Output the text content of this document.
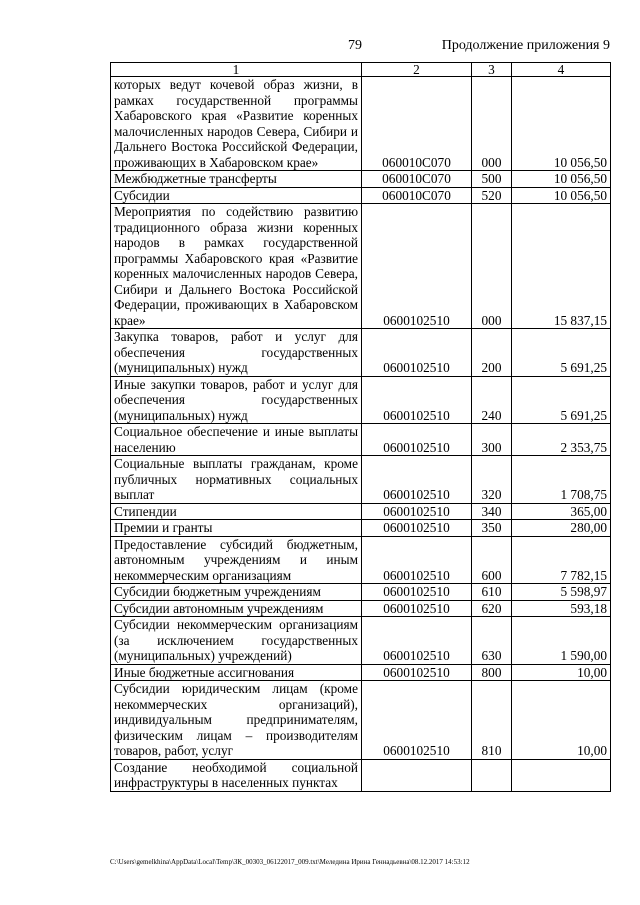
79	Продолжение приложения 9
1	2	3	4
которых ведут кочевой образ жизни, в рамках государственной программы Хабаровского края «Развитие коренных малочисленных народов Севера, Сибири и Дальнего Востока Российской Федерации, проживающих в Хабаровском крае»	060010С070	000	10 056,50
Межбюджетные трансферты	060010С070	500	10 056,50
Субсидии	060010С070	520	10 056,50
Мероприятия по содействию развитию традиционного образа жизни коренных народов в рамках государственной программы Хабаровского края «Развитие коренных малочисленных народов Севера, Сибири и Дальнего Востока Российской Федерации, проживающих в Хабаровском крае»	0600102510	000	15 837,15
Закупка товаров, работ и услуг для обеспечения государственных (муниципальных) нужд	0600102510	200	5 691,25
Иные закупки товаров, работ и услуг для обеспечения государственных (муниципальных) нужд	0600102510	240	5 691,25
Социальное обеспечение и иные выплаты населению	0600102510	300	2 353,75
Социальные выплаты гражданам, кроме публичных нормативных социальных выплат	0600102510	320	1 708,75
Стипендии	0600102510	340	365,00
Премии и гранты	0600102510	350	280,00
Предоставление субсидий бюджетным, автономным учреждениям и иным некоммерческим организациям	0600102510	600	7 782,15
Субсидии бюджетным учреждениям	0600102510	610	5 598,97
Субсидии автономным учреждениям	0600102510	620	593,18
Субсидии некоммерческим организациям (за исключением государственных (муниципальных) учреждений)	0600102510	630	1 590,00
Иные бюджетные ассигнования	0600102510	800	10,00
Субсидии юридическим лицам (кроме некоммерческих организаций), индивидуальным предпринимателям, физическим лицам – производителям товаров, работ, услуг	0600102510	810	10,00
Создание необходимой социальной инфраструктуры в населенных пунктах			
C:\Users\gemelkhina\AppData\Local\Temp\ЗК_00303_06122017_009.txt\Меледина Ирина Геннадьевна\08.12.2017 14:53:12
